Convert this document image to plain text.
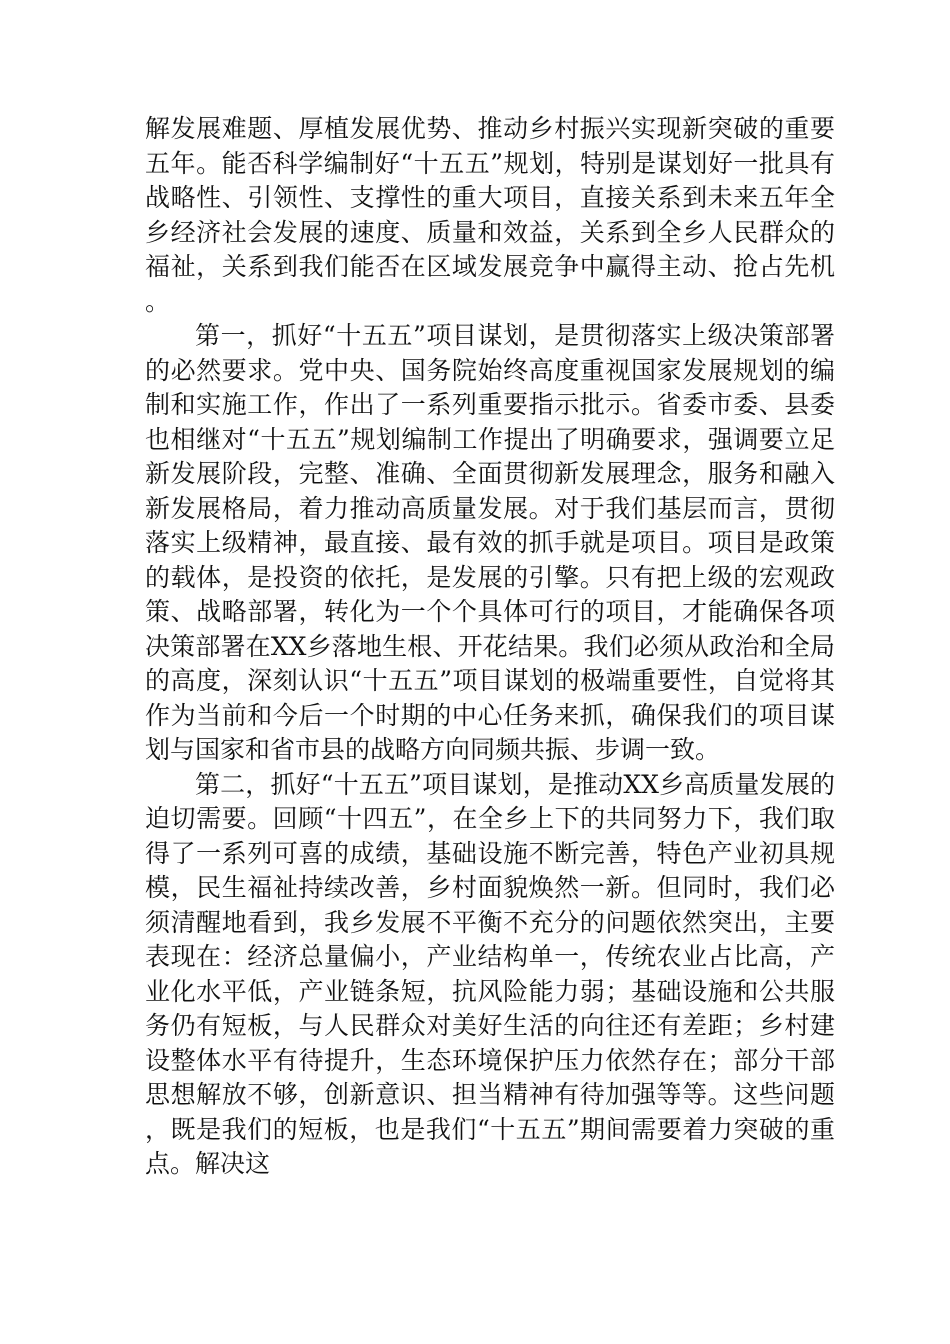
解发展难题、厚植发展优势、推动乡村振兴实现新突破的重要五年。能否科学编制好“十五五”规划，特别是谋划好一批具有战略性、引领性、支撑性的重大项目，直接关系到未来五年全乡经济社会发展的速度、质量和效益，关系到全乡人民群众的福祉，关系到我们能否在区域发展竞争中赢得主动、抢占先机。

第一，抓好“十五五”项目谋划，是贯彻落实上级决策部署的必然要求。党中央、国务院始终高度重视国家发展规划的编制和实施工作，作出了一系列重要指示批示。省委市委、县委也相继对“十五五”规划编制工作提出了明确要求，强调要立足新发展阶段，完整、准确、全面贯彻新发展理念，服务和融入新发展格局，着力推动高质量发展。对于我们基层而言，贯彻落实上级精神，最直接、最有效的抓手就是项目。项目是政策的载体，是投资的依托，是发展的引擎。只有把上级的宏观政策、战略部署，转化为一个个具体可行的项目，才能确保各项决策部署在XX乡落地生根、开花结果。我们必须从政治和全局的高度，深刻认识“十五五”项目谋划的极端重要性，自觉将其作为当前和今后一个时期的中心任务来抓，确保我们的项目谋划与国家和省市县的战略方向同频共振、步调一致。

第二，抓好“十五五”项目谋划，是推动XX乡高质量发展的迫切需要。回顾“十四五”，在全乡上下的共同努力下，我们取得了一系列可喜的成绩，基础设施不断完善，特色产业初具规模，民生福祉持续改善，乡村面貌焕然一新。但同时，我们必须清醒地看到，我乡发展不平衡不充分的问题依然突出，主要表现在：经济总量偏小，产业结构单一，传统农业占比高，产业化水平低，产业链条短，抗风险能力弱；基础设施和公共服务仍有短板，与人民群众对美好生活的向往还有差距；乡村建设整体水平有待提升，生态环境保护压力依然存在；部分干部思想解放不够，创新意识、担当精神有待加强等等。这些问题，既是我们的短板，也是我们“十五五”期间需要着力突破的重点。解决这
